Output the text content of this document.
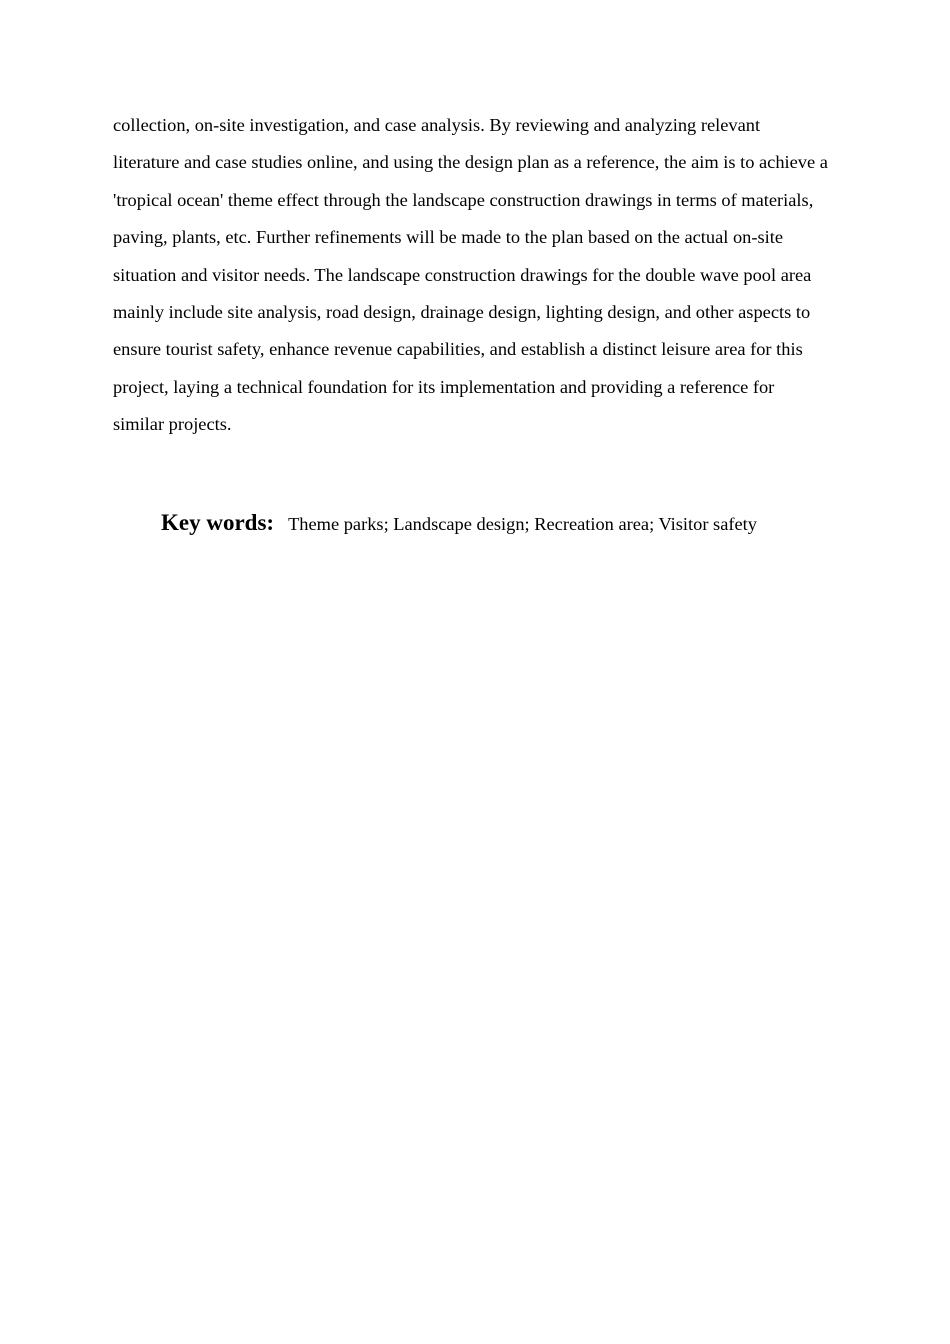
collection, on-site investigation, and case analysis. By reviewing and analyzing relevant
literature and case studies online, and using the design plan as a reference, the aim is to achieve a
'tropical ocean' theme effect through the landscape construction drawings in terms of materials,
paving, plants, etc. Further refinements will be made to the plan based on the actual on-site
situation and visitor needs. The landscape construction drawings for the double wave pool area
mainly include site analysis, road design, drainage design, lighting design, and other aspects to
ensure tourist safety, enhance revenue capabilities, and establish a distinct leisure area for this
project, laying a technical foundation for its implementation and providing a reference for
similar projects.
Key words: Theme parks; Landscape design; Recreation area; Visitor safety
